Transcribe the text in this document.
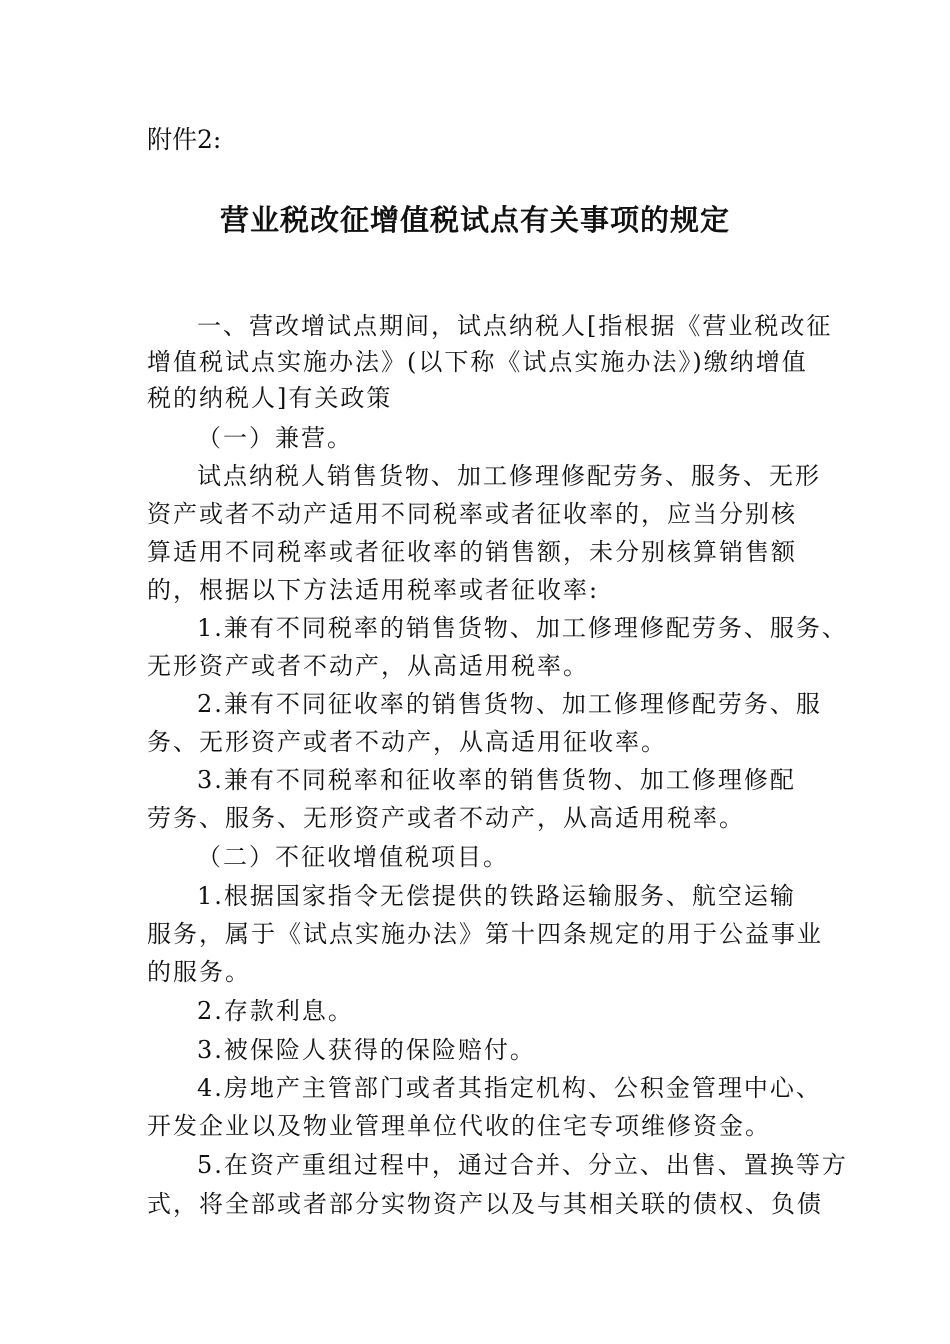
附件2:
营业税改征增值税试点有关事项的规定
一、营改增试点期间，试点纳税人[指根据《营业税改征
增值税试点实施办法》(以下称《试点实施办法》)缴纳增值
税的纳税人]有关政策
（一）兼营。
试点纳税人销售货物、加工修理修配劳务、服务、无形
资产或者不动产适用不同税率或者征收率的，应当分别核
算适用不同税率或者征收率的销售额，未分别核算销售额
的，根据以下方法适用税率或者征收率:
1.兼有不同税率的销售货物、加工修理修配劳务、服务、
无形资产或者不动产，从高适用税率。
2.兼有不同征收率的销售货物、加工修理修配劳务、服
务、无形资产或者不动产，从高适用征收率。
3.兼有不同税率和征收率的销售货物、加工修理修配
劳务、服务、无形资产或者不动产，从高适用税率。
（二）不征收增值税项目。
1.根据国家指令无偿提供的铁路运输服务、航空运输
服务，属于《试点实施办法》第十四条规定的用于公益事业
的服务。
2.存款利息。
3.被保险人获得的保险赔付。
4.房地产主管部门或者其指定机构、公积金管理中心、
开发企业以及物业管理单位代收的住宅专项维修资金。
5.在资产重组过程中，通过合并、分立、出售、置换等方
式，将全部或者部分实物资产以及与其相关联的债权、负债
